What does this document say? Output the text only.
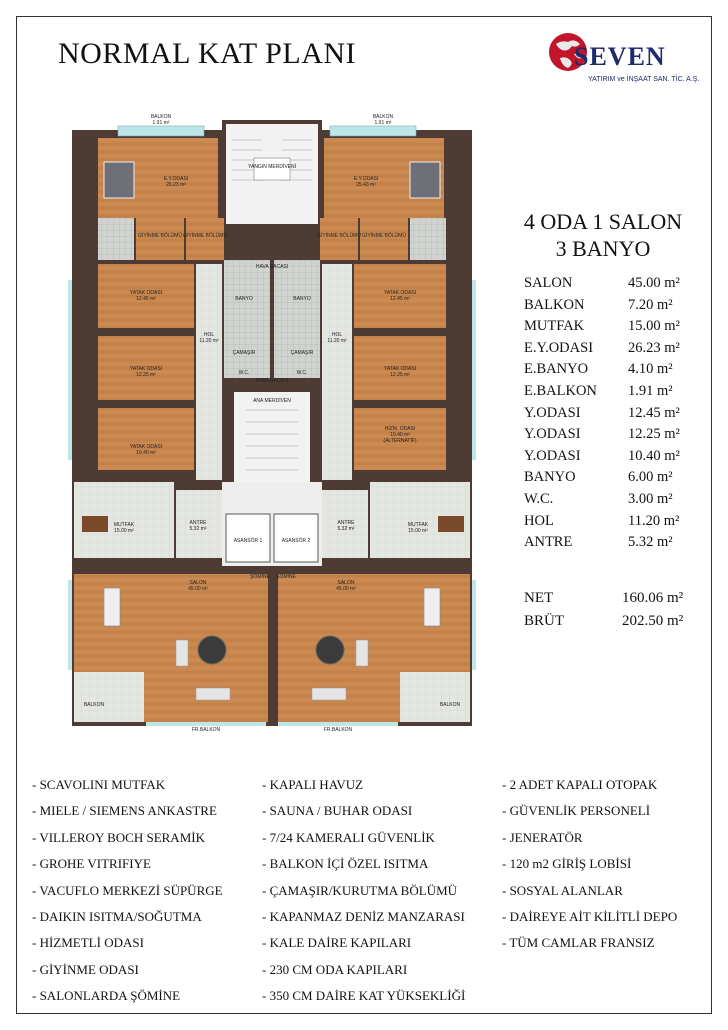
NORMAL KAT PLANI	SEVEN
YATIRIM ve İNŞAAT SAN. TİC. A.Ş.
BALKON
1.91 m²
BALKON
1.91 m²
E.Y.ODASI
26.23 m²
E.Y.ODASI
25.43 m²
GİYİNME BÖLÜMÜ GİYİNME BÖLÜMÜ	GİYİNME BÖLÜMÜ GİYİNME BÖLÜMÜ
YATAK ODASI
12.45 m²
YATAK ODASI
12.25 m²
YATAK ODASI
10.40 m²
YATAK ODASI
12.45 m²
YATAK ODASI
12.25 m²
HİZM. ODASI
10.40 m²
(ALTERNATİF)
HOL
11.20 m²
HOL
11.20 m²
YANGIN MERDİVENİ
ANA MERDİVEN
HAVA BACASI
HAVA BACASI
BANYO	BANYO
ÇAMAŞIR	ÇAMAŞIR
W.C.	W.C.
MUTFAK
15.00 m²
MUTFAK
15.00 m²
ANTRE
5.32 m²
ANTRE
5.32 m²
ASANSÖR 1	ASANSÖR 2
SALON
45.00 m²
SALON
45.00 m²
ŞÖMİNE ŞÖMİNE
BALKON	BALKON
FR.BALKON	FR.BALKON
4 ODA 1 SALON
3 BANYO
SALON	45.00 m²
BALKON	7.20 m²
MUTFAK	15.00 m²
E.Y.ODASI 26.23 m²
E.BANYO	4.10 m²
E.BALKON 1.91 m²
Y.ODASI	12.45 m²
Y.ODASI	12.25 m²
Y.ODASI	10.40 m²
BANYO	6.00 m²
W.C.	3.00 m²
HOL	11.20 m²
ANTRE	5.32 m²
NET	160.06 m²
BRÜT	202.50 m²
- SCAVOLINI MUTFAK
- MIELE / SIEMENS ANKASTRE
- VILLEROY BOCH SERAMİK
- GROHE VITRIFIYE
- VACUFLO MERKEZİ SÜPÜRGE
- DAIKIN ISITMA/SOĞUTMA
- HİZMETLİ ODASI
- GİYİNME ODASI
- SALONLARDA ŞÖMİNE
- KAPALI HAVUZ
- SAUNA / BUHAR ODASI
- 7/24 KAMERALI GÜVENLİK
- BALKON İÇİ ÖZEL ISITMA
- ÇAMAŞIR/KURUTMA BÖLÜMÜ
- KAPANMAZ DENİZ MANZARASI
- KALE DAİRE KAPILARI
- 230 CM ODA KAPILARI
- 350 CM DAİRE KAT YÜKSEKLİĞİ
- 2 ADET KAPALI OTOPAK
- GÜVENLİK PERSONELİ
- JENERATÖR
- 120 m2 GİRİŞ LOBİSİ
- SOSYAL ALANLAR
- DAİREYE AİT KİLİTLİ DEPO
- TÜM CAMLAR FRANSIZ
